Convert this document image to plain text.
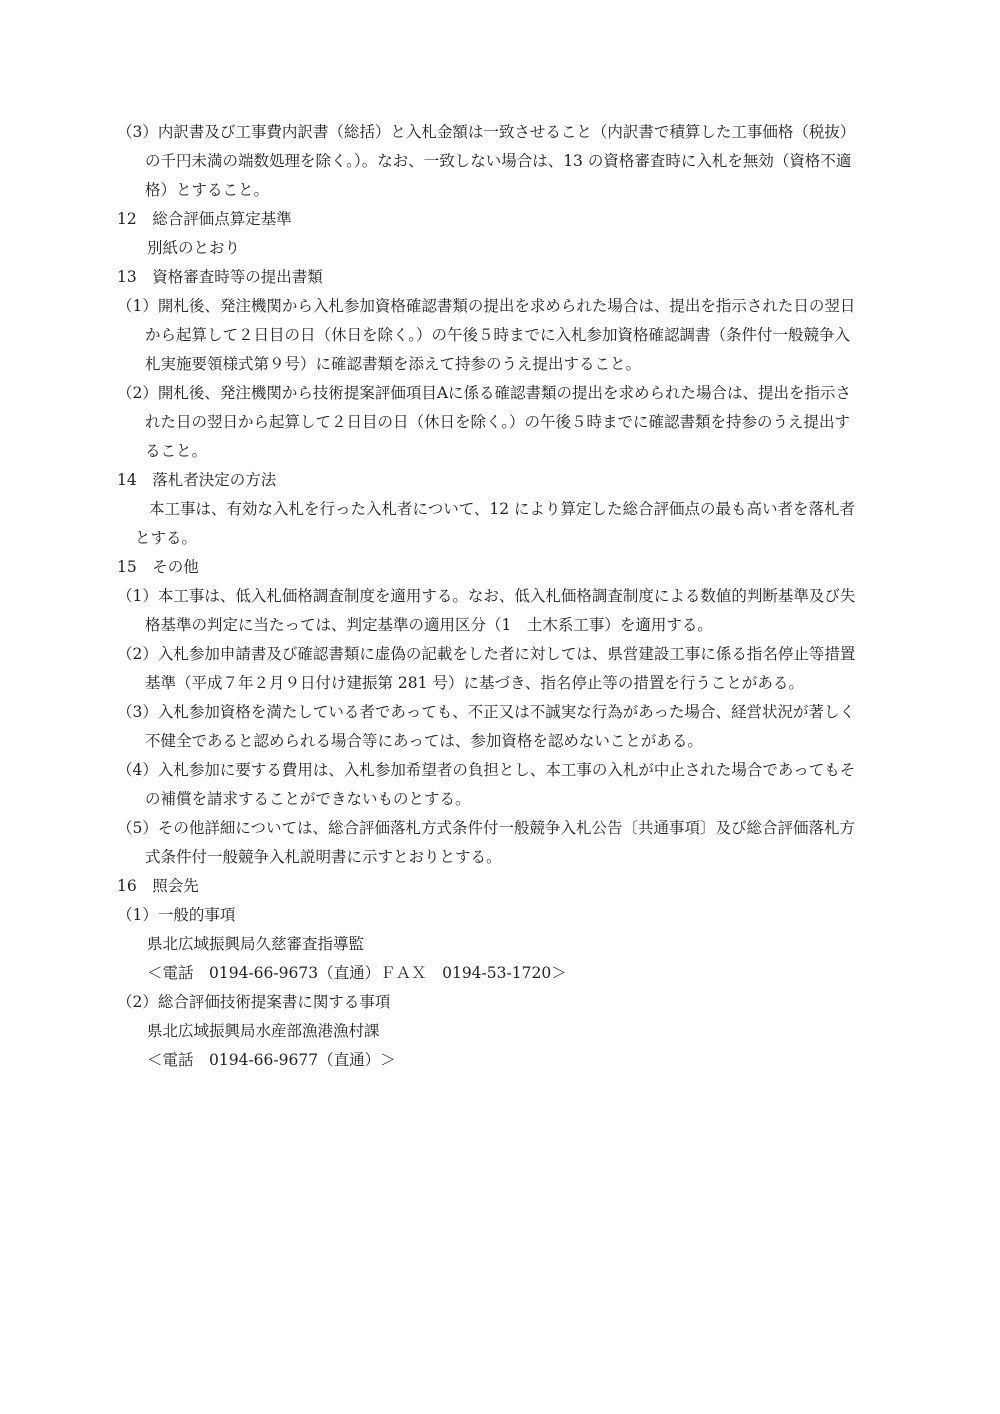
（3）内訳書及び工事費内訳書（総括）と入札金額は一致させること（内訳書で積算した工事価格（税抜）
の千円未満の端数処理を除く。）。なお、一致しない場合は、13 の資格審査時に入札を無効（資格不適
格）とすること。
12　総合評価点算定基準
別紙のとおり
13　資格審査時等の提出書類
（1）開札後、発注機関から入札参加資格確認書類の提出を求められた場合は、提出を指示された日の翌日
から起算して２日目の日（休日を除く。）の午後５時までに入札参加資格確認調書（条件付一般競争入
札実施要領様式第９号）に確認書類を添えて持参のうえ提出すること。
（2）開札後、発注機関から技術提案評価項目Aに係る確認書類の提出を求められた場合は、提出を指示さ
れた日の翌日から起算して２日目の日（休日を除く。）の午後５時までに確認書類を持参のうえ提出す
ること。
14　落札者決定の方法
本工事は、有効な入札を行った入札者について、12 により算定した総合評価点の最も高い者を落札者
とする。
15　その他
（1）本工事は、低入札価格調査制度を適用する。なお、低入札価格調査制度による数値的判断基準及び失
格基準の判定に当たっては、判定基準の適用区分（1　土木系工事）を適用する。
（2）入札参加申請書及び確認書類に虚偽の記載をした者に対しては、県営建設工事に係る指名停止等措置
基準（平成７年２月９日付け建振第 281 号）に基づき、指名停止等の措置を行うことがある。
（3）入札参加資格を満たしている者であっても、不正又は不誠実な行為があった場合、経営状況が著しく
不健全であると認められる場合等にあっては、参加資格を認めないことがある。
（4）入札参加に要する費用は、入札参加希望者の負担とし、本工事の入札が中止された場合であってもそ
の補償を請求することができないものとする。
（5）その他詳細については、総合評価落札方式条件付一般競争入札公告〔共通事項〕及び総合評価落札方
式条件付一般競争入札説明書に示すとおりとする。
16　照会先
（1）一般的事項
県北広域振興局久慈審査指導監
＜電話　0194-66-9673（直通）ＦＡＸ　0194-53-1720＞
（2）総合評価技術提案書に関する事項
県北広域振興局水産部漁港漁村課
＜電話　0194-66-9677（直通）＞
